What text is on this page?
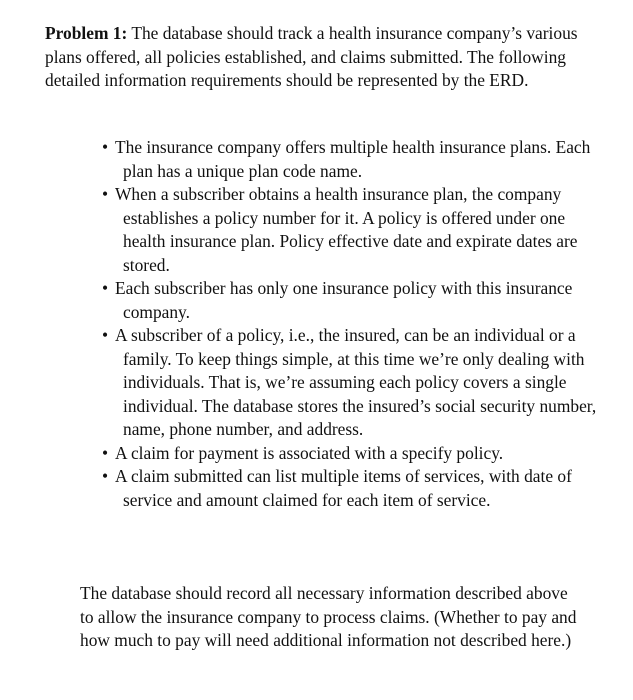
Problem 1: The database should track a health insurance company’s various plans offered, all policies established, and claims submitted. The following detailed information requirements should be represented by the ERD.

• The insurance company offers multiple health insurance plans. Each plan has a unique plan code name.
• When a subscriber obtains a health insurance plan, the company establishes a policy number for it. A policy is offered under one health insurance plan. Policy effective date and expirate dates are stored.
• Each subscriber has only one insurance policy with this insurance company.
• A subscriber of a policy, i.e., the insured, can be an individual or a family. To keep things simple, at this time we’re only dealing with individuals. That is, we’re assuming each policy covers a single individual. The database stores the insured’s social security number, name, phone number, and address.
• A claim for payment is associated with a specify policy.
• A claim submitted can list multiple items of services, with date of service and amount claimed for each item of service.

The database should record all necessary information described above to allow the insurance company to process claims. (Whether to pay and how much to pay will need additional information not described here.)
